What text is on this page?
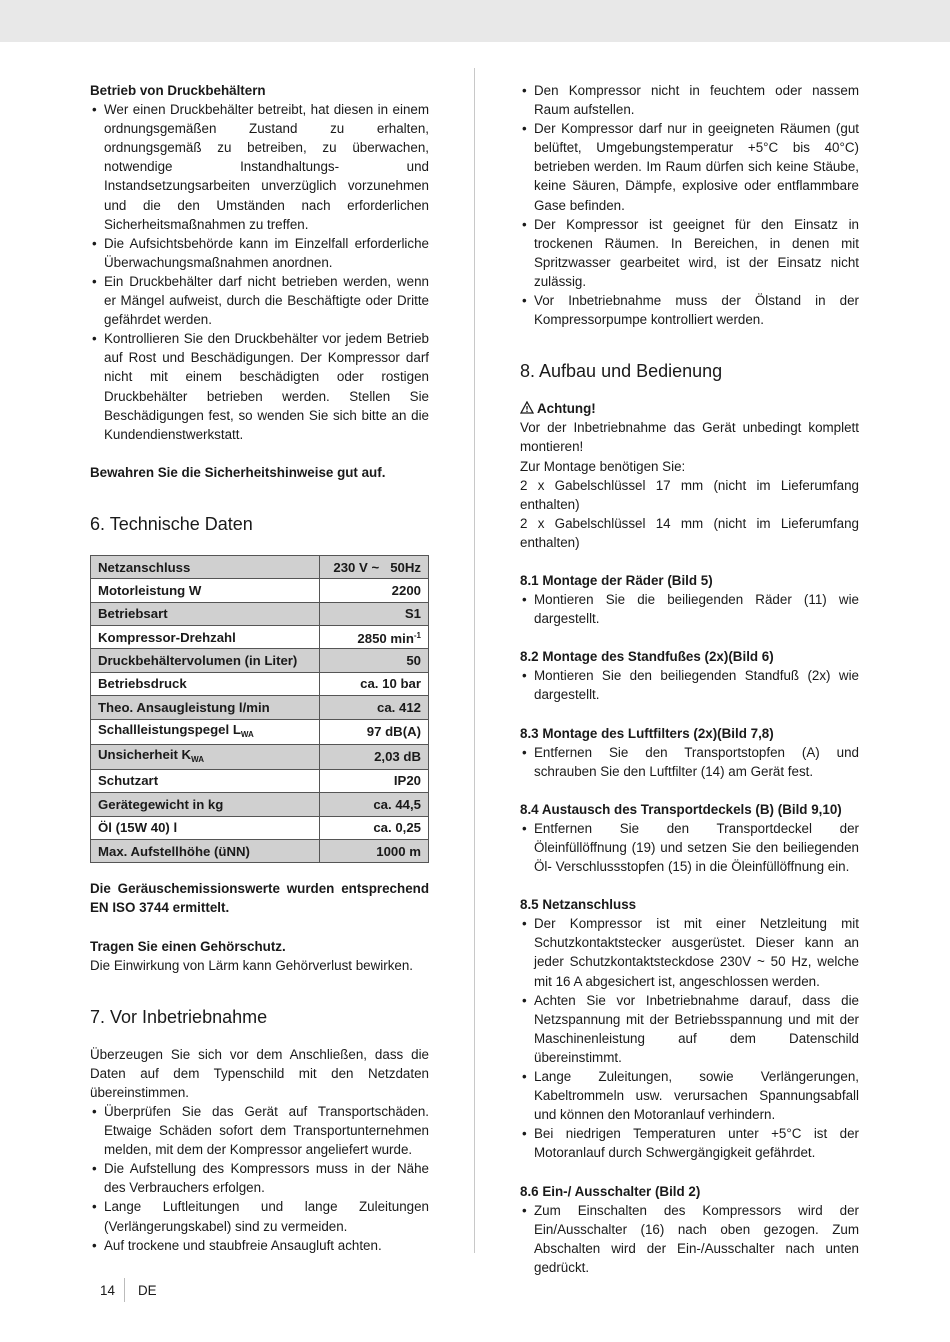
Betrieb von Druckbehältern

• Wer einen Druckbehälter betreibt, hat diesen in einem ordnungsgemäßen Zustand zu erhalten, ordnungsgemäß zu betreiben, zu überwachen, notwendige Instandhaltungs- und Instandsetzungsarbeiten unverzüglich vorzunehmen und die den Umständen nach erforderlichen Sicherheitsmaßnahmen zu treffen.
• Die Aufsichtsbehörde kann im Einzelfall erforderliche Überwachungsmaßnahmen anordnen.
• Ein Druckbehälter darf nicht betrieben werden, wenn er Mängel aufweist, durch die Beschäftigte oder Dritte gefährdet werden.
• Kontrollieren Sie den Druckbehälter vor jedem Betrieb auf Rost und Beschädigungen. Der Kompressor darf nicht mit einem beschädigten oder rostigen Druckbehälter betrieben werden. Stellen Sie Beschädigungen fest, so wenden Sie sich bitte an die Kundendienstwerkstatt.

Bewahren Sie die Sicherheitshinweise gut auf.

6. Technische Daten
Netzanschluss	230 V ~   50Hz
Motorleistung W	2200
Betriebsart	S1
Kompressor-Drehzahl	2850 $\min^{-1}$
Druckbehältervolumen (in Liter)	50
Betriebsdruck	ca. 10 bar
Theo. Ansaugleistung l/min	ca. 412
Schallleistungspegel $L_{WA}$	97 dB(A)
Unsicherheit $K_{WA}$	2,03 dB
Schutzart	IP20
Gerätegewicht in kg	ca. 44,5
Öl (15W 40) l	ca. 0,25
Max. Aufstellhöhe (üNN)	1000 m

Die Geräuschemissionswerte wurden entsprechend EN ISO 3744 ermittelt.

Tragen Sie einen Gehörschutz.

Die Einwirkung von Lärm kann Gehörverlust bewirken.

7. Vor Inbetriebnahme

Überzeugen Sie sich vor dem Anschließen, dass die Daten auf dem Typenschild mit den Netzdaten übereinstimmen.

• Überprüfen Sie das Gerät auf Transportschäden. Etwaige Schäden sofort dem Transportunternehmen melden, mit dem der Kompressor angeliefert wurde.
• Die Aufstellung des Kompressors muss in der Nähe des Verbrauchers erfolgen.
• Lange Luftleitungen und lange Zuleitungen (Verlängerungskabel) sind zu vermeiden.
• Auf trockene und staubfreie Ansaugluft achten.
• Den Kompressor nicht in feuchtem oder nassem Raum aufstellen.
• Der Kompressor darf nur in geeigneten Räumen (gut belüftet, Umgebungstemperatur +5°C bis 40°C) betrieben werden. Im Raum dürfen sich keine Stäube, keine Säuren, Dämpfe, explosive oder entflammbare Gase befinden.
• Der Kompressor ist geeignet für den Einsatz in trockenen Räumen. In Bereichen, in denen mit Spritzwasser gearbeitet wird, ist der Einsatz nicht zulässig.
• Vor Inbetriebnahme muss der Ölstand in der Kompressorpumpe kontrolliert werden.
8. Aufbau und Bedienung

Achtung!

Vor der Inbetriebnahme das Gerät unbedingt komplett montieren!

Zur Montage benötigen Sie:

2 x Gabelschlüssel 17 mm (nicht im Lieferumfang enthalten)

2 x Gabelschlüssel 14 mm (nicht im Lieferumfang enthalten)

8.1 Montage der Räder (Bild 5)

• Montieren Sie die beiliegenden Räder (11) wie dargestellt.

8.2 Montage des Standfußes (2x)(Bild 6)

• Montieren Sie den beiliegenden Standfuß (2x) wie dargestellt.

8.3 Montage des Luftfilters (2x)(Bild 7,8)

• Entfernen Sie den Transportstopfen (A) und schrauben Sie den Luftfilter (14) am Gerät fest.

8.4 Austausch des Transportdeckels (B) (Bild 9,10)

• Entfernen Sie den Transportdeckel der Öleinfüllöffnung (19) und setzen Sie den beiliegenden Öl- Verschlussstopfen (15) in die Öleinfüllöffnung ein.

8.5 Netzanschluss

• Der Kompressor ist mit einer Netzleitung mit Schutzkontaktstecker ausgerüstet. Dieser kann an jeder Schutzkontaktsteckdose 230V ~ 50 Hz, welche mit 16 A abgesichert ist, angeschlossen werden.
• Achten Sie vor Inbetriebnahme darauf, dass die Netzspannung mit der Betriebsspannung und mit der Maschinenleistung auf dem Datenschild übereinstimmt.
• Lange Zuleitungen, sowie Verlängerungen, Kabeltrommeln usw. verursachen Spannungsabfall und können den Motoranlauf verhindern.
• Bei niedrigen Temperaturen unter +5°C ist der Motoranlauf durch Schwergängigkeit gefährdet.

8.6 Ein-/ Ausschalter (Bild 2)

• Zum Einschalten des Kompressors wird der Ein/Ausschalter (16) nach oben gezogen. Zum Abschalten wird der Ein-/Ausschalter nach unten gedrückt.
14 DE
